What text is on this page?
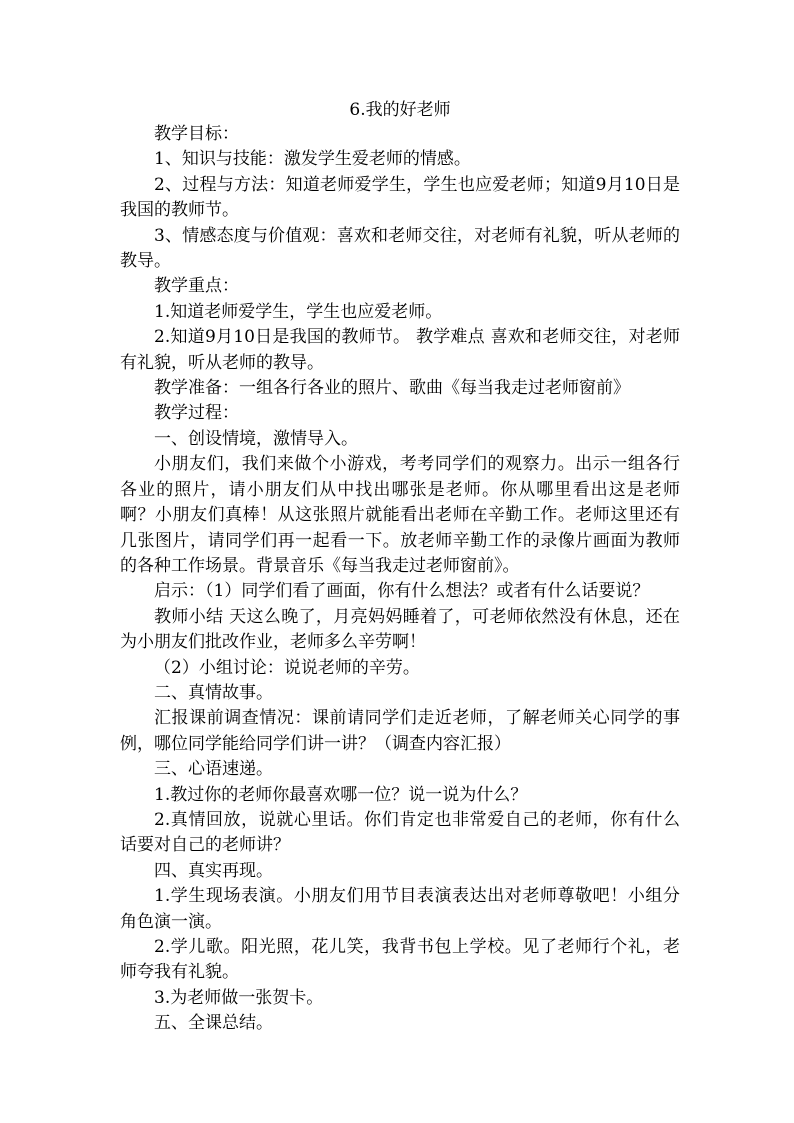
6.我的好老师

教学目标：

1、知识与技能：激发学生爱老师的情感。

2、过程与方法：知道老师爱学生，学生也应爱老师；知道9月10日是我国的教师节。

3、情感态度与价值观：喜欢和老师交往，对老师有礼貌，听从老师的教导。

教学重点：

1.知道老师爱学生，学生也应爱老师。

2.知道9月10日是我国的教师节。 教学难点 喜欢和老师交往，对老师有礼貌，听从老师的教导。

教学准备：一组各行各业的照片、歌曲《每当我走过老师窗前》

教学过程：

一、创设情境，激情导入。

小朋友们，我们来做个小游戏，考考同学们的观察力。出示一组各行各业的照片，请小朋友们从中找出哪张是老师。你从哪里看出这是老师啊？小朋友们真棒！从这张照片就能看出老师在辛勤工作。老师这里还有几张图片，请同学们再一起看一下。放老师辛勤工作的录像片画面为教师的各种工作场景。背景音乐《每当我走过老师窗前》。

启示：（1）同学们看了画面，你有什么想法？或者有什么话要说？

教师小结 天这么晚了，月亮妈妈睡着了，可老师依然没有休息，还在为小朋友们批改作业，老师多么辛劳啊！

（2）小组讨论：说说老师的辛劳。

二、真情故事。

汇报课前调查情况：课前请同学们走近老师，了解老师关心同学的事例，哪位同学能给同学们讲一讲？（调查内容汇报）

三、心语速递。

1.教过你的老师你最喜欢哪一位？说一说为什么？

2.真情回放，说就心里话。你们肯定也非常爱自己的老师，你有什么话要对自己的老师讲？

四、真实再现。

1.学生现场表演。小朋友们用节目表演表达出对老师尊敬吧！小组分角色演一演。

2.学儿歌。阳光照，花儿笑，我背书包上学校。见了老师行个礼，老师夸我有礼貌。

3.为老师做一张贺卡。

五、全课总结。
